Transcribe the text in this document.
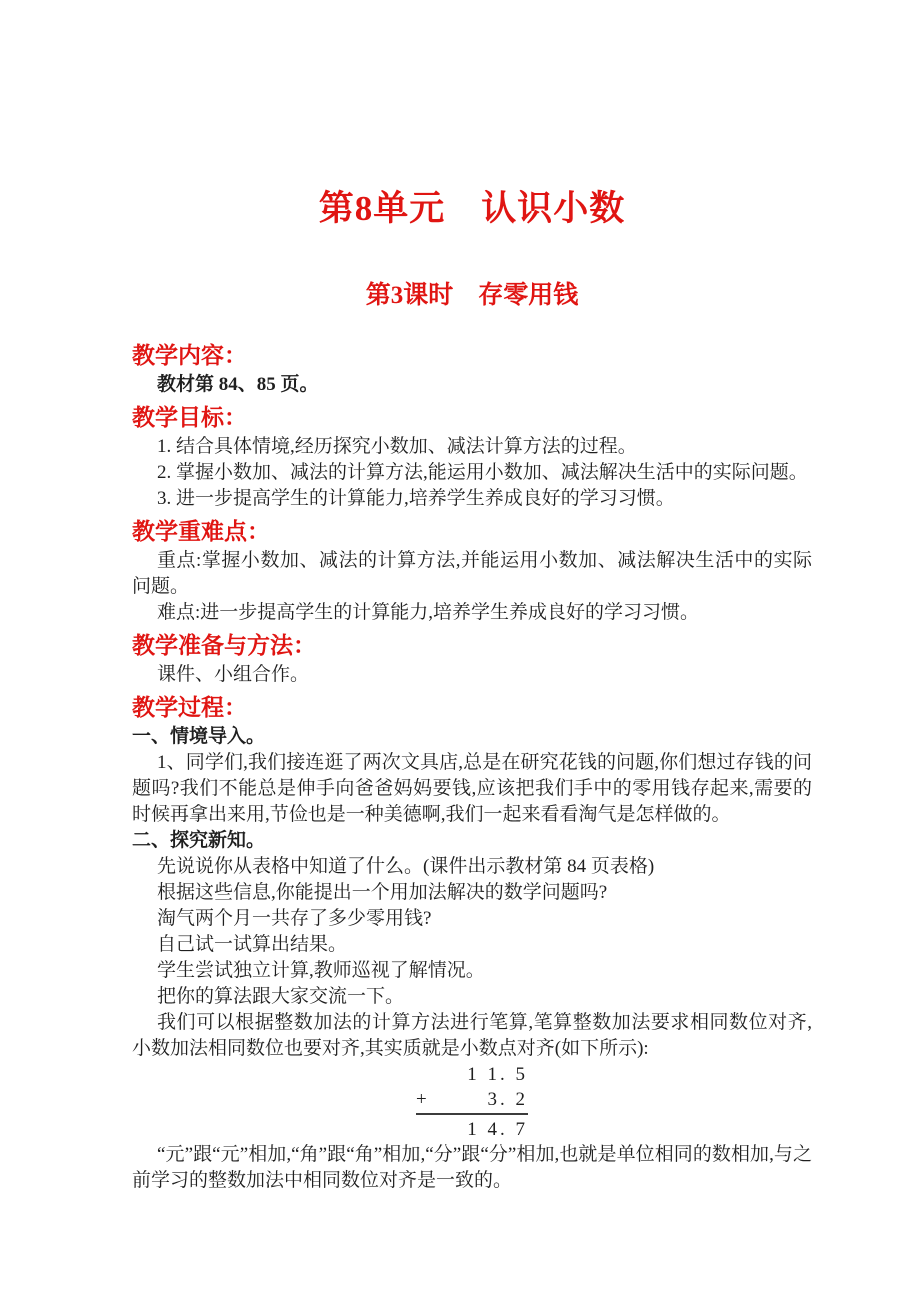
第8单元　认识小数
第3课时　存零用钱
教学内容：

教材第 84、85 页。

教学目标：

1. 结合具体情境,经历探究小数加、减法计算方法的过程。

2. 掌握小数加、减法的计算方法,能运用小数加、减法解决生活中的实际问题。

3. 进一步提高学生的计算能力,培养学生养成良好的学习习惯。

教学重难点：

重点:掌握小数加、减法的计算方法,并能运用小数加、减法解决生活中的实际问题。

难点:进一步提高学生的计算能力,培养学生养成良好的学习习惯。

教学准备与方法：

课件、小组合作。

教学过程：

一、情境导入。

1、同学们,我们接连逛了两次文具店,总是在研究花钱的问题,你们想过存钱的问题吗?我们不能总是伸手向爸爸妈妈要钱,应该把我们手中的零用钱存起来,需要的时候再拿出来用,节俭也是一种美德啊,我们一起来看看淘气是怎样做的。

二、探究新知。

先说说你从表格中知道了什么。(课件出示教材第 84 页表格)

根据这些信息,你能提出一个用加法解决的数学问题吗?

淘气两个月一共存了多少零用钱?

自己试一试算出结果。

学生尝试独立计算,教师巡视了解情况。

把你的算法跟大家交流一下。

我们可以根据整数加法的计算方法进行笔算,笔算整数加法要求相同数位对齐,小数加法相同数位也要对齐,其实质就是小数点对齐(如下所示):

1 1. 5
+	3. 2
1 4. 7

“元”跟“元”相加,“角”跟“角”相加,“分”跟“分”相加,也就是单位相同的数相加,与之前学习的整数加法中相同数位对齐是一致的。
